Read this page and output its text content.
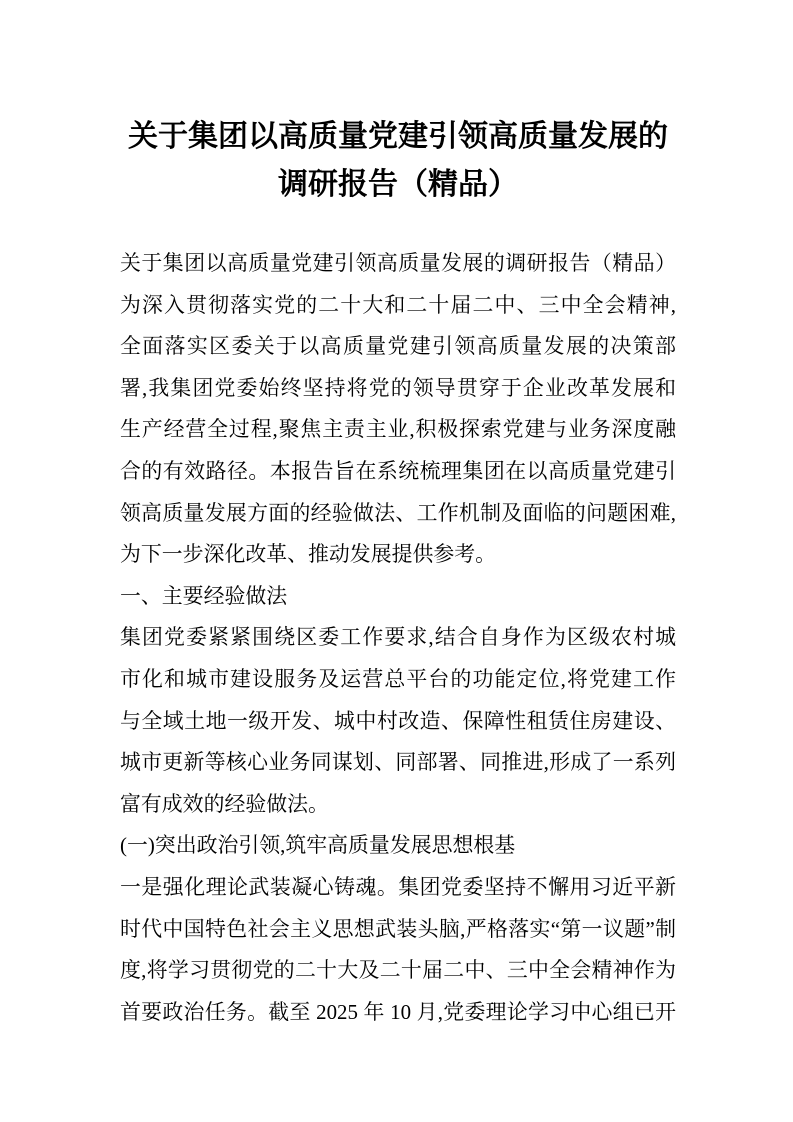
关于集团以高质量党建引领高质量发展的
调研报告（精品）
关于集团以高质量党建引领高质量发展的调研报告（精品）
为深入贯彻落实党的二十大和二十届二中、三中全会精神,
全面落实区委关于以高质量党建引领高质量发展的决策部
署,我集团党委始终坚持将党的领导贯穿于企业改革发展和
生产经营全过程,聚焦主责主业,积极探索党建与业务深度融
合的有效路径。本报告旨在系统梳理集团在以高质量党建引
领高质量发展方面的经验做法、工作机制及面临的问题困难,
为下一步深化改革、推动发展提供参考。
一、主要经验做法
集团党委紧紧围绕区委工作要求,结合自身作为区级农村城
市化和城市建设服务及运营总平台的功能定位,将党建工作
与全域土地一级开发、城中村改造、保障性租赁住房建设、
城市更新等核心业务同谋划、同部署、同推进,形成了一系列
富有成效的经验做法。
(一)突出政治引领,筑牢高质量发展思想根基
一是强化理论武装凝心铸魂。集团党委坚持不懈用习近平新
时代中国特色社会主义思想武装头脑,严格落实“第一议题”制
度,将学习贯彻党的二十大及二十届二中、三中全会精神作为
首要政治任务。截至 2025 年 10 月,党委理论学习中心组已开
